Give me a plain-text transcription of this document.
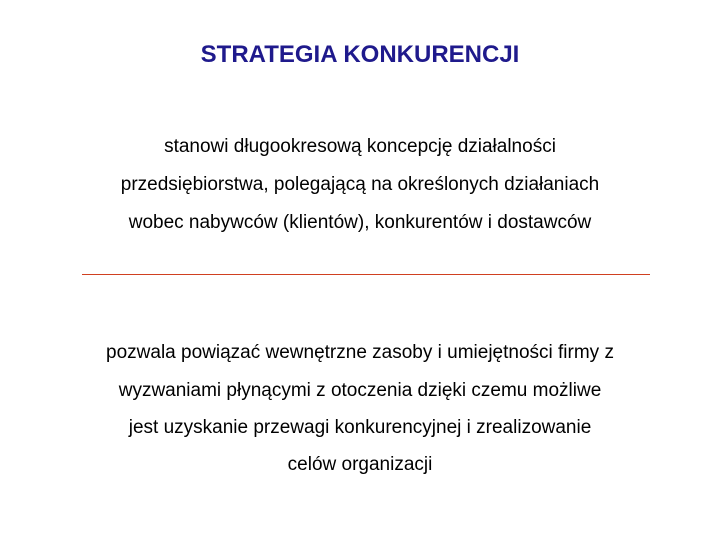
STRATEGIA KONKURENCJI

stanowi długookresową koncepcję działalności

przedsiębiorstwa, polegającą na określonych działaniach

wobec nabywców (klientów), konkurentów i dostawców

pozwala powiązać wewnętrzne zasoby i umiejętności firmy z

wyzwaniami płynącymi z otoczenia dzięki czemu możliwe

jest uzyskanie przewagi konkurencyjnej i zrealizowanie

celów organizacji
